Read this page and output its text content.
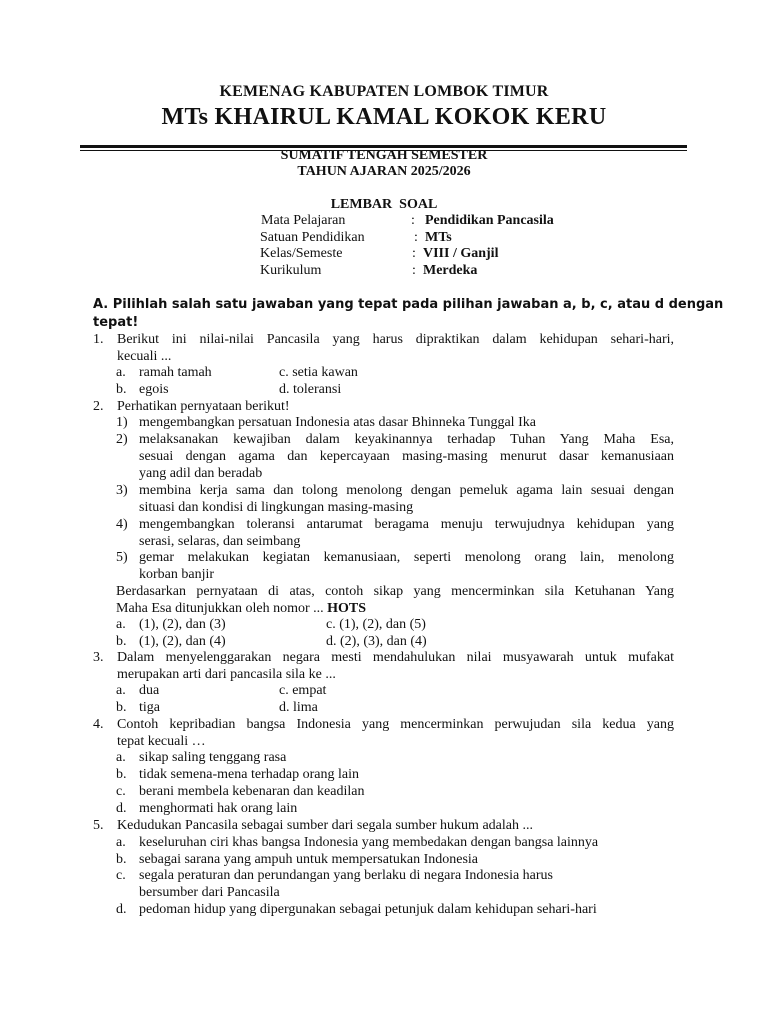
KEMENAG KABUPATEN LOMBOK TIMUR
MTs KHAIRUL KAMAL KOKOK KERU
SUMATIF TENGAH SEMESTER
TAHUN AJARAN 2025/2026
LEMBAR  SOAL
Mata Pelajaran	: Pendidikan Pancasila
Satuan Pendidikan	: MTs
Kelas/Semeste	: VIII / Ganjil
Kurikulum	: Merdeka
A. Pilihlah salah satu jawaban yang tepat pada pilihan jawaban a, b, c, atau d dengan
tepat!
1. Berikut ini nilai-nilai Pancasila yang harus dipraktikan dalam kehidupan sehari-hari,
kecuali ...
a. ramah tamah	c. setia kawan
b. egois	d. toleransi
2. Perhatikan pernyataan berikut!
1) mengembangkan persatuan Indonesia atas dasar Bhinneka Tunggal Ika
2) melaksanakan kewajiban dalam keyakinannya terhadap Tuhan Yang Maha Esa,
sesuai dengan agama dan kepercayaan masing-masing menurut dasar kemanusiaan
yang adil dan beradab
3) membina kerja sama dan tolong menolong dengan pemeluk agama lain sesuai dengan
situasi dan kondisi di lingkungan masing-masing
4) mengembangkan toleransi antarumat beragama menuju terwujudnya kehidupan yang
serasi, selaras, dan seimbang
5) gemar melakukan kegiatan kemanusiaan, seperti menolong orang lain, menolong
korban banjir
Berdasarkan pernyataan di atas, contoh sikap yang mencerminkan sila Ketuhanan Yang
Maha Esa ditunjukkan oleh nomor ... HOTS
a. (1), (2), dan (3)	c. (1), (2), dan (5)
b. (1), (2), dan (4)	d. (2), (3), dan (4)
3. Dalam menyelenggarakan negara mesti mendahulukan nilai musyawarah untuk mufakat
merupakan arti dari pancasila sila ke ...
a. dua	c. empat
b. tiga	d. lima
4. Contoh kepribadian bangsa Indonesia yang mencerminkan perwujudan sila kedua yang
tepat kecuali …
a. sikap saling tenggang rasa
b. tidak semena-mena terhadap orang lain
c. berani membela kebenaran dan keadilan
d. menghormati hak orang lain
5. Kedudukan Pancasila sebagai sumber dari segala sumber hukum adalah ...
a. keseluruhan ciri khas bangsa Indonesia yang membedakan dengan bangsa lainnya
b. sebagai sarana yang ampuh untuk mempersatukan Indonesia
c. segala peraturan dan perundangan yang berlaku di negara Indonesia harus
bersumber dari Pancasila
d. pedoman hidup yang dipergunakan sebagai petunjuk dalam kehidupan sehari-hari
